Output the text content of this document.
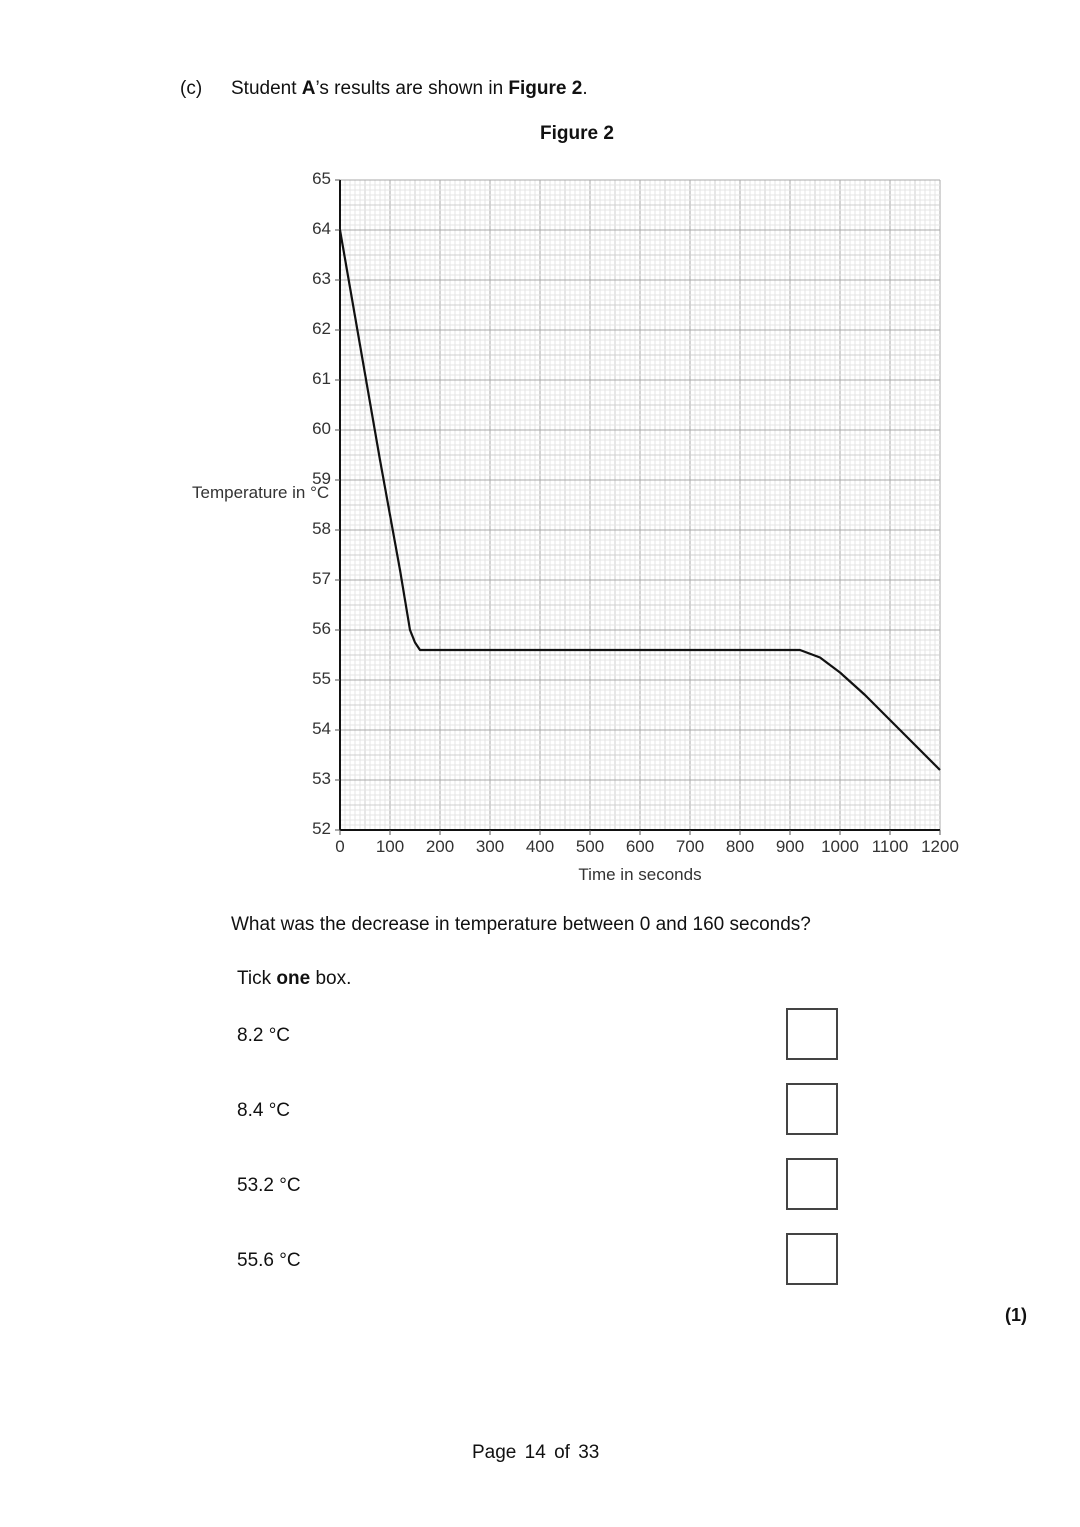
(c) Student A’s results are shown in Figure 2.
Figure 2
Temperature in °C
52
53
54
55
56
57
58
59
60
61
62
63
64
65
0	100	200	300	400	500	600	700	800	900 1000 1100 1200
Time in seconds
What was the decrease in temperature between 0 and 160 seconds?
Tick one box.
8.2 °C
8.4 °C
53.2 °C
55.6 °C
(1)
Page 14 of 33
